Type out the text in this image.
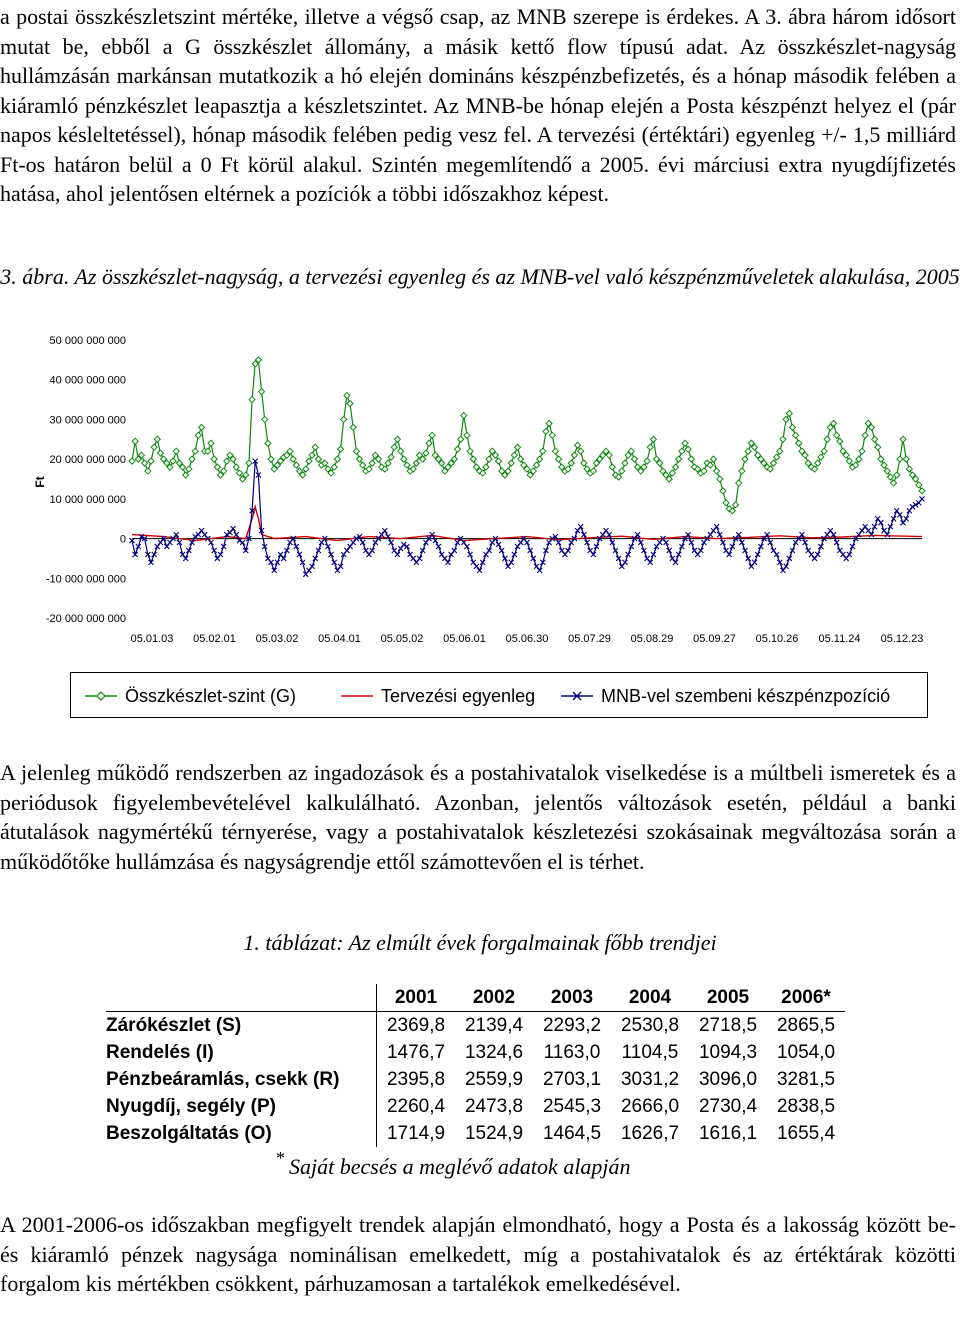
a postai összkészletszint mértéke, illetve a végső csap, az MNB szerepe is érdekes. A 3. ábra három idősort mutat be, ebből a G összkészlet állomány, a másik kettő flow típusú adat. Az összkészlet-nagyság hullámzásán markánsan mutatkozik a hó elején domináns készpénzbefizetés, és a hónap második felében a kiáramló pénzkészlet leapasztja a készletszintet. Az MNB-be hónap elején a Posta készpénzt helyez el (pár napos késleltetéssel), hónap második felében pedig vesz fel. A tervezési (értéktári) egyenleg +/- 1,5 milliárd Ft-os határon belül a 0 Ft körül alakul. Szintén megemlítendő a 2005. évi márciusi extra nyugdíjfizetés hatása, ahol jelentősen eltérnek a pozíciók a többi időszakhoz képest.

3. ábra. Az összkészlet-nagyság, a tervezési egyenleg és az MNB-vel való készpénzműveletek alakulása, 2005
50 000 000 000
40 000 000 000
30 000 000 000
20 000 000 000
10 000 000 000
0
-10 000 000 000
-20 000 000 000
05.01.03 05.02.01 05.03.02 05.04.01 05.05.02 05.06.01 05.06.30 05.07.29 05.08.29 05.09.27 05.10.26 05.11.24 05.12.23
Ft
Összkészlet-szint (G)	Tervezési egyenleg	MNB-vel szembeni készpénzpozíció

A jelenleg működő rendszerben az ingadozások és a postahivatalok viselkedése is a múltbeli ismeretek és a periódusok figyelembevételével kalkulálható. Azonban, jelentős változások esetén, például a banki átutalások nagymértékű térnyerése, vagy a postahivatalok készletezési szokásainak megváltozása során a működőtőke hullámzása és nagyságrendje ettől számottevően el is térhet.

1. táblázat: Az elmúlt évek forgalmainak főbb trendjei
	2001	2002	2003	2004	2005	2006*
Zárókészlet (S)	2369,8	2139,4	2293,2	2530,8	2718,5	2865,5
Rendelés (I)	1476,7	1324,6	1163,0	1104,5	1094,3	1054,0
Pénzbeáramlás, csekk (R)	2395,8	2559,9	2703,1	3031,2	3096,0	3281,5
Nyugdíj, segély (P)	2260,4	2473,8	2545,3	2666,0	2730,4	2838,5
Beszolgáltatás (O)	1714,9	1524,9	1464,5	1626,7	1616,1	1655,4
* Saját becsés a meglévő adatok alapján

A 2001-2006-os időszakban megfigyelt trendek alapján elmondható, hogy a Posta és a lakosság között be- és kiáramló pénzek nagysága nominálisan emelkedett, míg a postahivatalok és az értéktárak közötti forgalom kis mértékben csökkent, párhuzamosan a tartalékok emelkedésével.
